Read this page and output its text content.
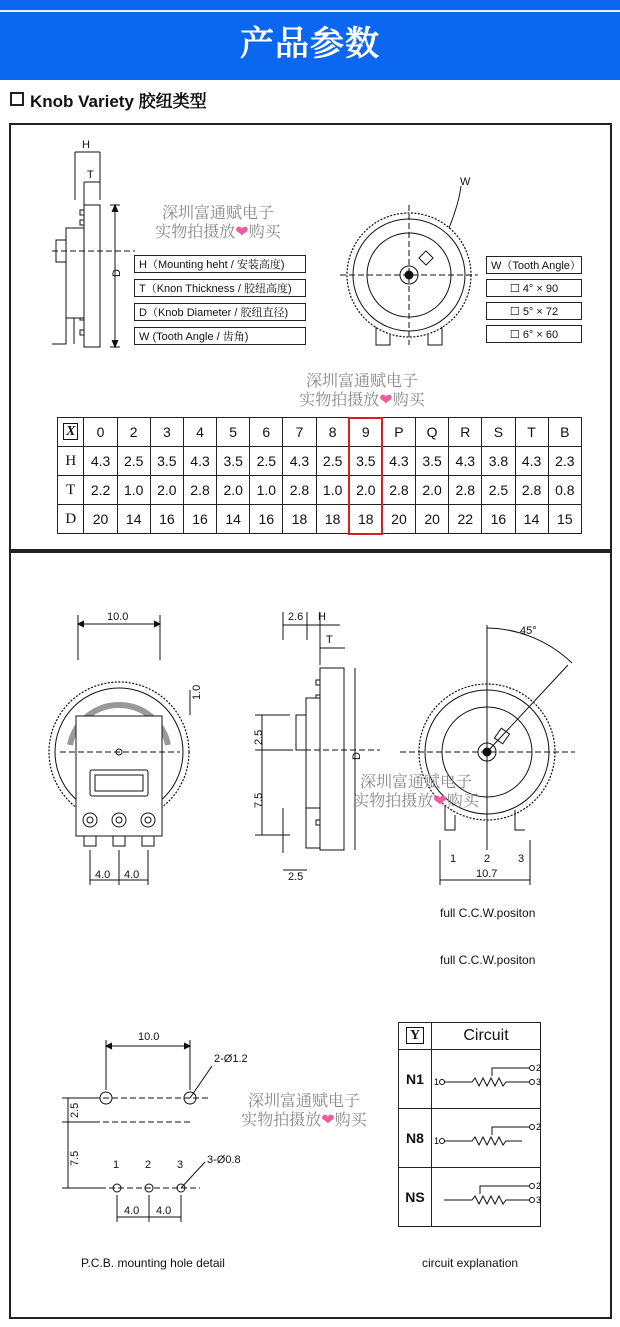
产品参数
Knob Variety 胶纽类型
H
T
D
W
10.0
1.0
4.0 4.0
2.6 H
T
D
2.5
7.5
2.5
45°
1	2	3
10.7
10.0
2-Ø1.2
3-Ø0.8
2.5
7.5	1 2 3
4.0 4.0
H（Mounting heht / 安装高度)
T（Knon Thickness / 胶纽高度)
D（Knob Diameter / 胶纽直径)
W (Tooth Angle / 齿角)
W（Tooth Angle）
☐ 4° × 90
☐ 5° × 72
☐ 6° × 60
深圳富通赋电子
实物拍摄放❤购买
深圳富通赋电子
实物拍摄放❤购买
深圳富通赋电子
实物拍摄放❤购买
深圳富通赋电子
实物拍摄放❤购买
X	0	2	3	4	5	6	7	8	9	P	Q	R	S	T	B
H	4.3	2.5	3.5	4.3	3.5	2.5	4.3	2.5	3.5	4.3	3.5	4.3	3.8	4.3	2.3
T	2.2	1.0	2.0	2.8	2.0	1.0	2.8	1.0	2.0	2.8	2.0	2.8	2.5	2.8	0.8
D	20	14	16	16	14	16	18	18	18	20	20	22	16	14	15
full C.C.W.positon
full C.C.W.positon
P.C.B. mounting hole detail	circuit explanation
Y	Circuit
N1	1
2
3

N8	1
2

NS	2
3
